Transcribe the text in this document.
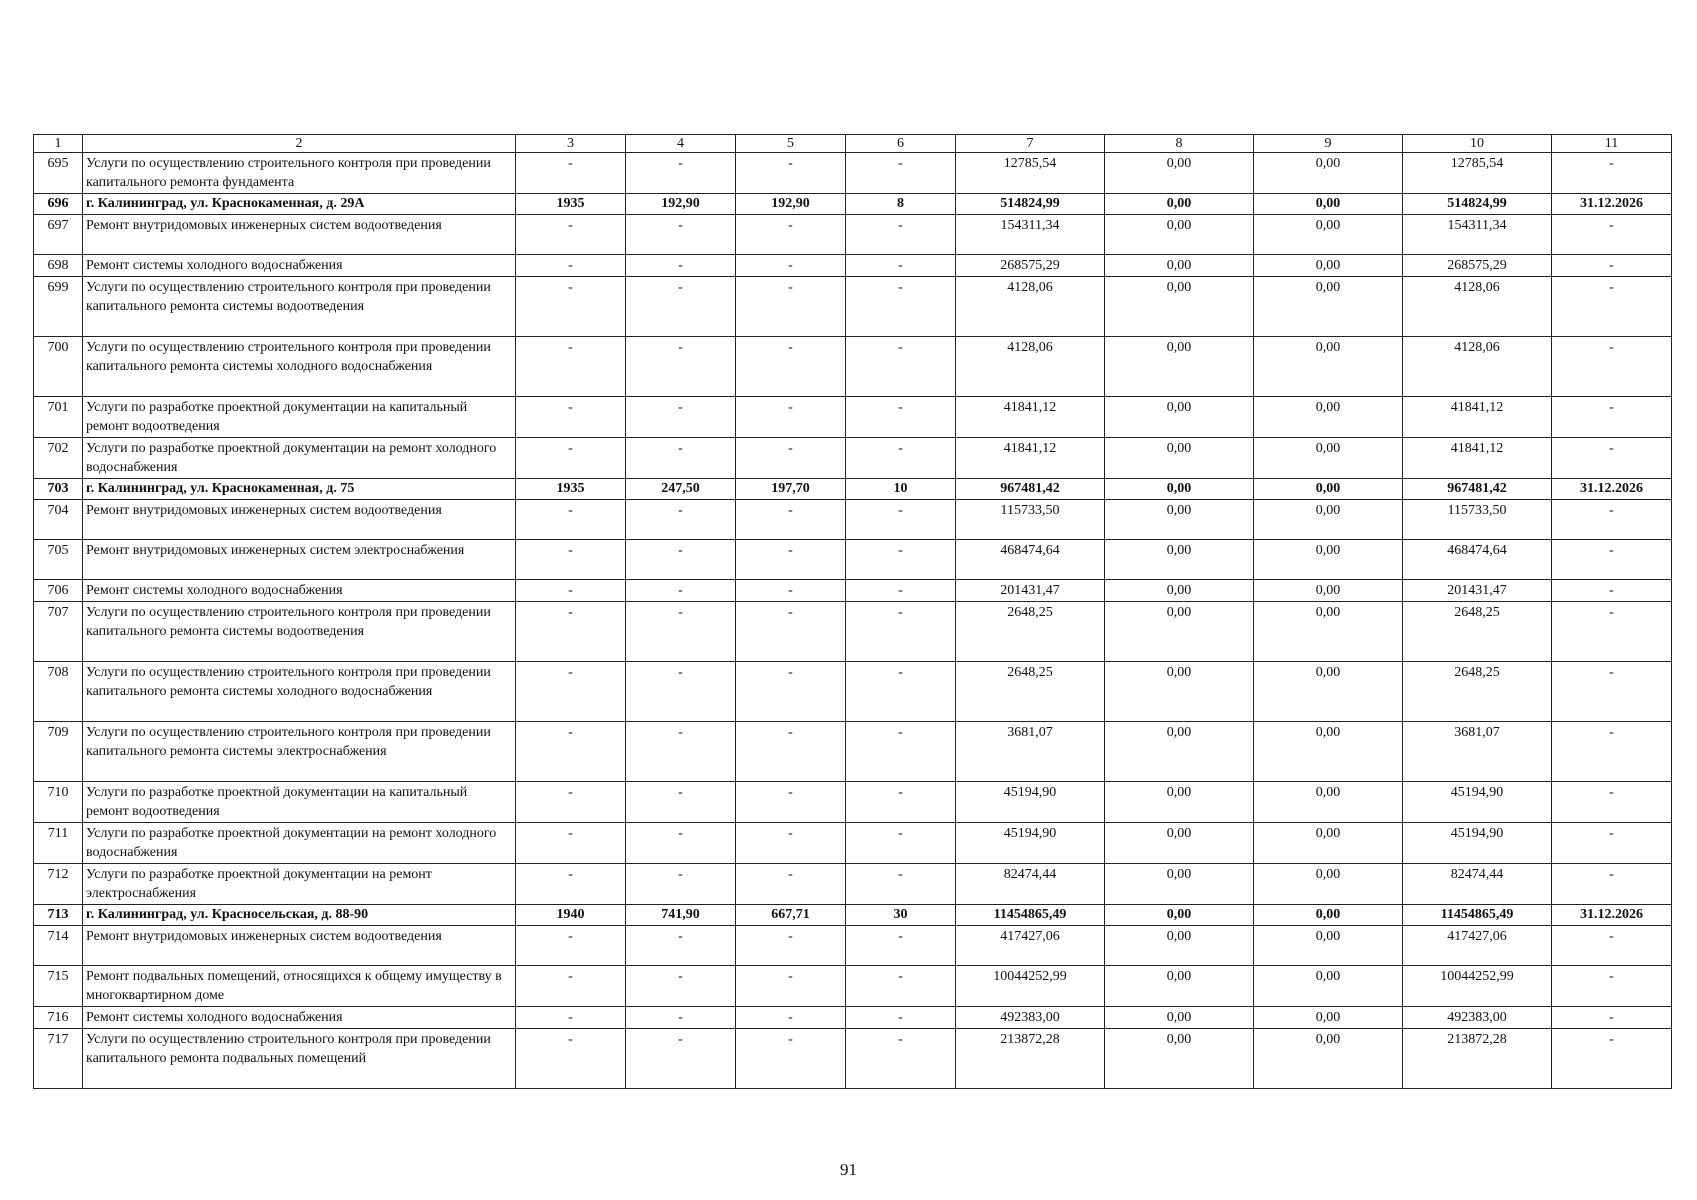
1	2	3	4	5	6	7	8	9	10	11
695	Услуги по осуществлению строительного контроля при проведении капитального ремонта фундамента	-	-	-	-	12785,54	0,00	0,00	12785,54	-
696	г. Калининград, ул. Краснокаменная, д. 29А	1935	192,90	192,90	8	514824,99	0,00	0,00	514824,99	31.12.2026
697	Ремонт внутридомовых инженерных систем водоотведения	-	-	-	-	154311,34	0,00	0,00	154311,34	-
698	Ремонт системы холодного водоснабжения	-	-	-	-	268575,29	0,00	0,00	268575,29	-
699	Услуги по осуществлению строительного контроля при проведении капитального ремонта системы водоотведения	-	-	-	-	4128,06	0,00	0,00	4128,06	-
700	Услуги по осуществлению строительного контроля при проведении капитального ремонта системы холодного водоснабжения	-	-	-	-	4128,06	0,00	0,00	4128,06	-
701	Услуги по разработке проектной документации на капитальный ремонт водоотведения	-	-	-	-	41841,12	0,00	0,00	41841,12	-
702	Услуги по разработке проектной документации на ремонт холодного водоснабжения	-	-	-	-	41841,12	0,00	0,00	41841,12	-
703	г. Калининград, ул. Краснокаменная, д. 75	1935	247,50	197,70	10	967481,42	0,00	0,00	967481,42	31.12.2026
704	Ремонт внутридомовых инженерных систем водоотведения	-	-	-	-	115733,50	0,00	0,00	115733,50	-
705	Ремонт внутридомовых инженерных систем электроснабжения	-	-	-	-	468474,64	0,00	0,00	468474,64	-
706	Ремонт системы холодного водоснабжения	-	-	-	-	201431,47	0,00	0,00	201431,47	-
707	Услуги по осуществлению строительного контроля при проведении капитального ремонта системы водоотведения	-	-	-	-	2648,25	0,00	0,00	2648,25	-
708	Услуги по осуществлению строительного контроля при проведении капитального ремонта системы холодного водоснабжения	-	-	-	-	2648,25	0,00	0,00	2648,25	-
709	Услуги по осуществлению строительного контроля при проведении капитального ремонта системы электроснабжения	-	-	-	-	3681,07	0,00	0,00	3681,07	-
710	Услуги по разработке проектной документации на капитальный ремонт водоотведения	-	-	-	-	45194,90	0,00	0,00	45194,90	-
711	Услуги по разработке проектной документации на ремонт холодного водоснабжения	-	-	-	-	45194,90	0,00	0,00	45194,90	-
712	Услуги по разработке проектной документации на ремонт электроснабжения	-	-	-	-	82474,44	0,00	0,00	82474,44	-
713	г. Калининград, ул. Красносельская, д. 88-90	1940	741,90	667,71	30	11454865,49	0,00	0,00	11454865,49	31.12.2026
714	Ремонт внутридомовых инженерных систем водоотведения	-	-	-	-	417427,06	0,00	0,00	417427,06	-
715	Ремонт подвальных помещений, относящихся к общему имуществу в многоквартирном доме	-	-	-	-	10044252,99	0,00	0,00	10044252,99	-
716	Ремонт системы холодного водоснабжения	-	-	-	-	492383,00	0,00	0,00	492383,00	-
717	Услуги по осуществлению строительного контроля при проведении капитального ремонта подвальных помещений	-	-	-	-	213872,28	0,00	0,00	213872,28	-
91
